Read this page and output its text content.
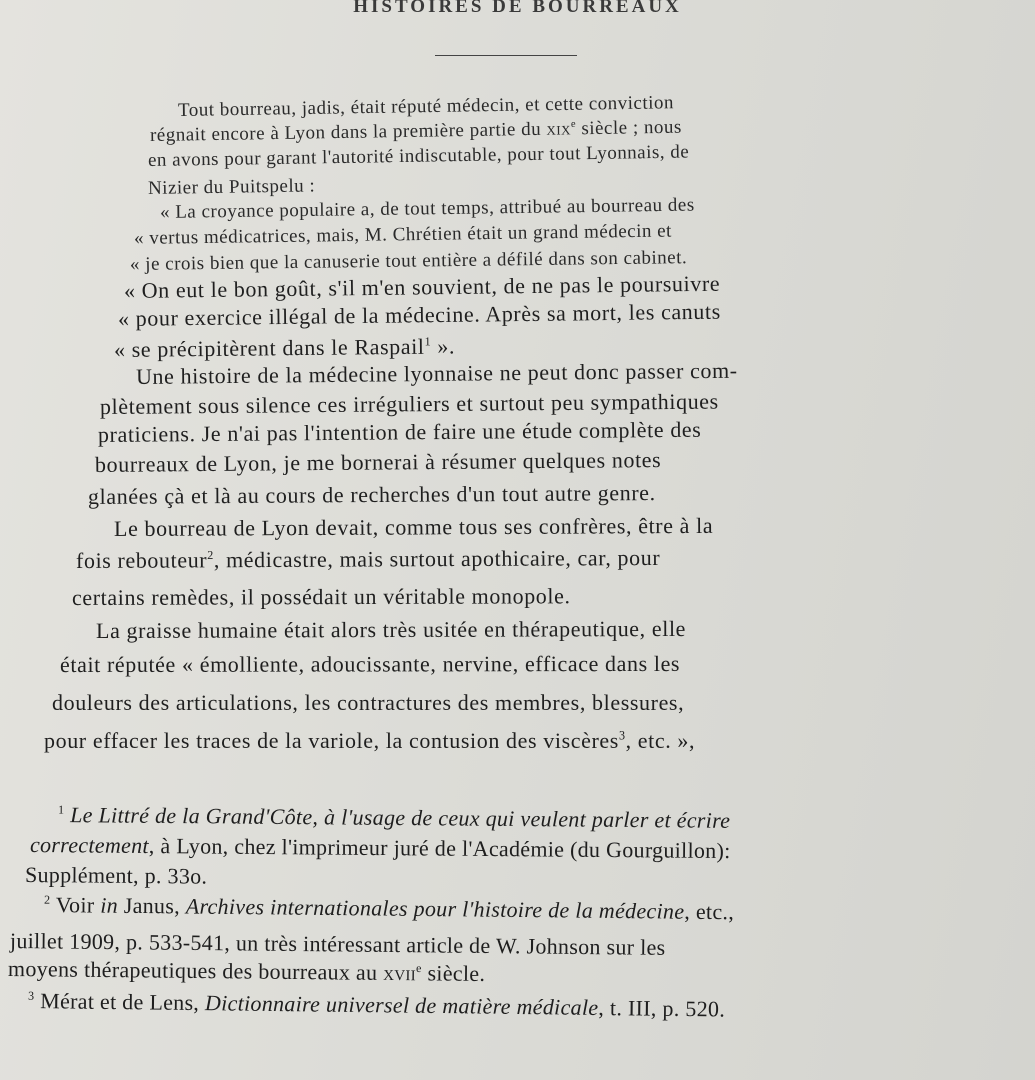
HISTOIRES DE BOURREAUX
Tout bourreau, jadis, était réputé médecin, et cette conviction
régnait encore à Lyon dans la première partie du xix$^e$ siècle ; nous
en avons pour garant l'autorité indiscutable, pour tout Lyonnais, de
Nizier du Puitspelu :
« La croyance populaire a, de tout temps, attribué au bourreau des
« vertus médicatrices, mais, M. Chrétien était un grand médecin et
« je crois bien que la canuserie tout entière a défilé dans son cabinet.
« On eut le bon goût, s'il m'en souvient, de ne pas le poursuivre
« pour exercice illégal de la médecine. Après sa mort, les canuts
« se précipitèrent dans le Raspail$^1$ ».
Une histoire de la médecine lyonnaise ne peut donc passer com-
plètement sous silence ces irréguliers et surtout peu sympathiques
praticiens. Je n'ai pas l'intention de faire une étude complète des
bourreaux de Lyon, je me bornerai à résumer quelques notes
glanées çà et là au cours de recherches d'un tout autre genre.
Le bourreau de Lyon devait, comme tous ses confrères, être à la
fois rebouteur$^2$, médicastre, mais surtout apothicaire, car, pour
certains remèdes, il possédait un véritable monopole.
La graisse humaine était alors très usitée en thérapeutique, elle
était réputée « émolliente, adoucissante, nervine, efficace dans les
douleurs des articulations, les contractures des membres, blessures,
pour effacer les traces de la variole, la contusion des viscères$^3$, etc. »,
$^1$ Le Littré de la Grand'Côte, à l'usage de ceux qui veulent parler et écrire
correctement, à Lyon, chez l'imprimeur juré de l'Académie (du Gourguillon):
Supplément, p. 33o.
$^2$ Voir in Janus, Archives internationales pour l'histoire de la médecine, etc.,
juillet 1909, p. 533-541, un très intéressant article de W. Johnson sur les
moyens thérapeutiques des bourreaux au xvii$^e$ siècle.
$^3$ Mérat et de Lens, Dictionnaire universel de matière médicale, t. III, p. 520.
